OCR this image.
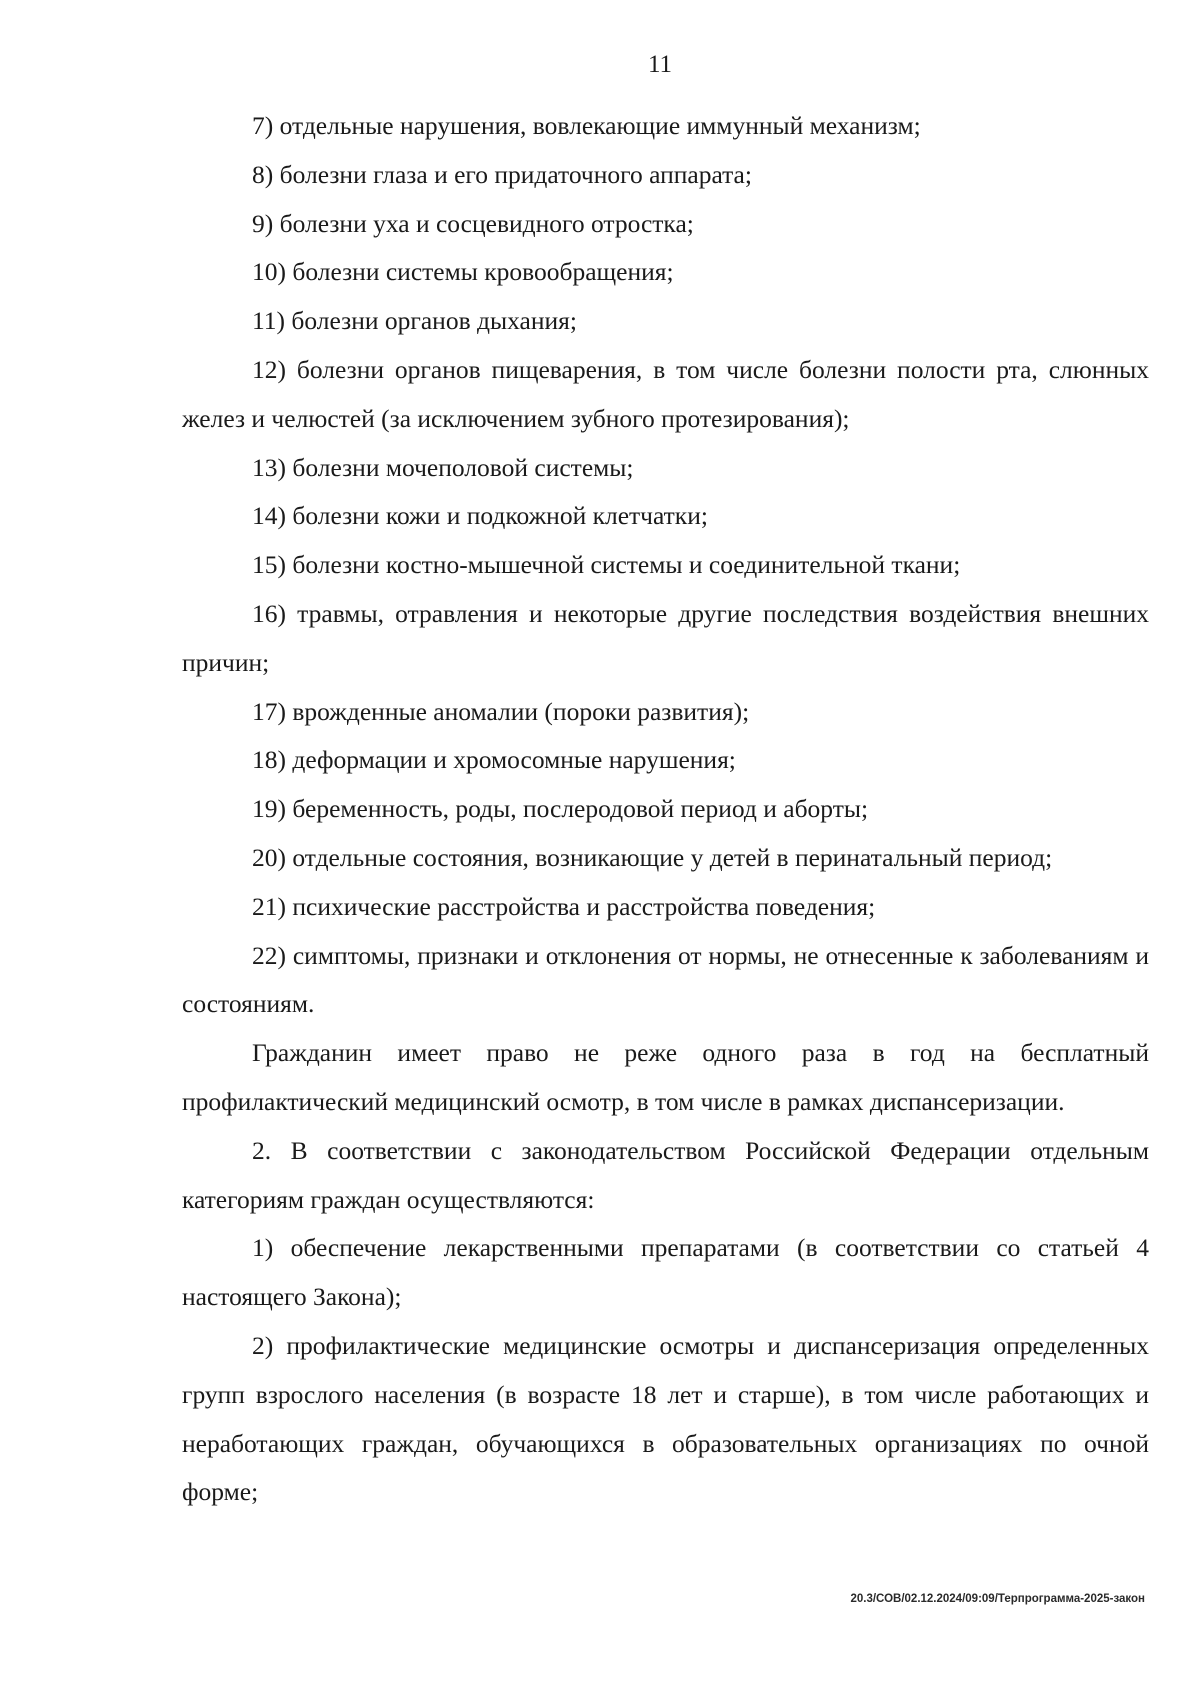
11

7) отдельные нарушения, вовлекающие иммунный механизм;

8) болезни глаза и его придаточного аппарата;

9) болезни уха и сосцевидного отростка;

10) болезни системы кровообращения;

11) болезни органов дыхания;

12) болезни органов пищеварения, в том числе болезни полости рта, слюнных желез и челюстей (за исключением зубного протезирования);

13) болезни мочеполовой системы;

14) болезни кожи и подкожной клетчатки;

15) болезни костно-мышечной системы и соединительной ткани;

16) травмы, отравления и некоторые другие последствия воздействия внешних причин;

17) врожденные аномалии (пороки развития);

18) деформации и хромосомные нарушения;

19) беременность, роды, послеродовой период и аборты;

20) отдельные состояния, возникающие у детей в перинатальный период;

21) психические расстройства и расстройства поведения;

22) симптомы, признаки и отклонения от нормы, не отнесенные к заболеваниям и состояниям.

Гражданин имеет право не реже одного раза в год на бесплатный профилактический медицинский осмотр, в том числе в рамках диспансеризации.

2. В соответствии с законодательством Российской Федерации отдельным категориям граждан осуществляются:

1) обеспечение лекарственными препаратами (в соответствии со статьей 4 настоящего Закона);

2) профилактические медицинские осмотры и диспансеризация определенных групп взрослого населения (в возрасте 18 лет и старше), в том числе работающих и неработающих граждан, обучающихся в образовательных организациях по очной форме;

20.3/СОВ/02.12.2024/09:09/Терпрограмма-2025-закон
